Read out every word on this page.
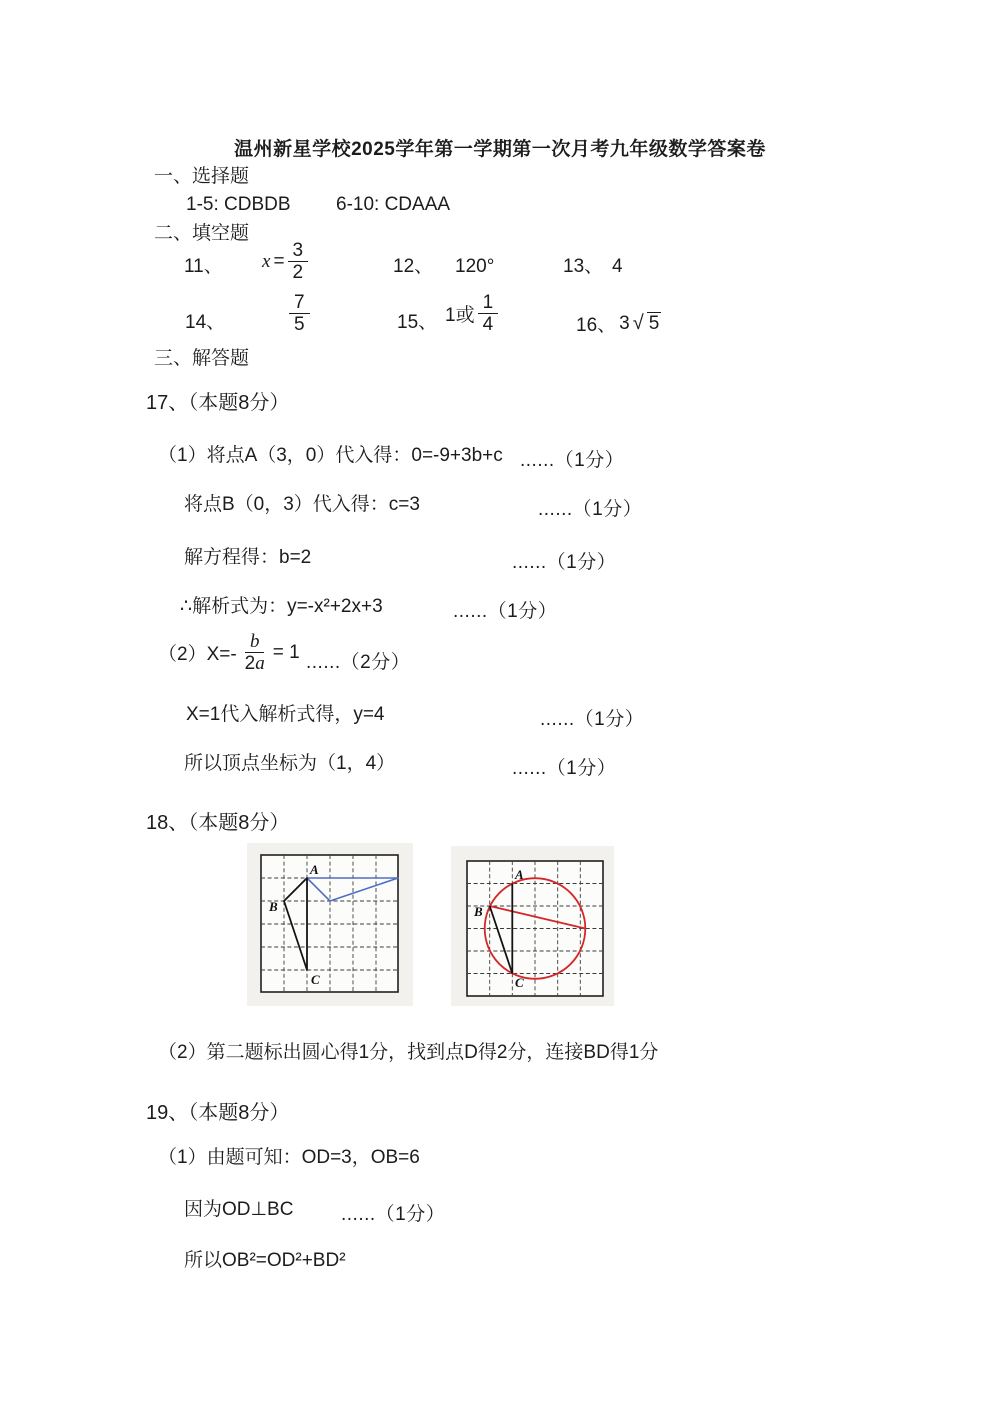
温州新星学校2025学年第一学期第一次月考九年级数学答案卷
一、选择题
1-5: CDBDB 6-10: CDAAA
二、填空题
11、 $x = \frac{3}{2}$	12、 120°	13、 4
14、	$\frac{7}{5}$	15、 1或 $\frac{1}{4}$	16、 3 √ 5
三、解答题
17、（本题8分）
（1）将点A（3，0）代入得：0=-9+3b+c ......（1分）
将点B（0，3）代入得：c=3	......（1分）
解方程得：b=2	......（1分）
∴解析式为：y=-x²+2x+3	......（1分）
$(2)X=- \frac{b}{2a} = 1$ ......（2分）
X=1代入解析式得，y=4	......（1分）
所以顶点坐标为（1，4）	......（1分）
18、（本题8分）
A
B
C
A
B
C
（2）第二题标出圆心得1分，找到点D得2分，连接BD得1分
19、（本题8分）
（1）由题可知：OD=3，OB=6
因为OD⊥BC	......（1分）
所以OB²=OD²+BD²
